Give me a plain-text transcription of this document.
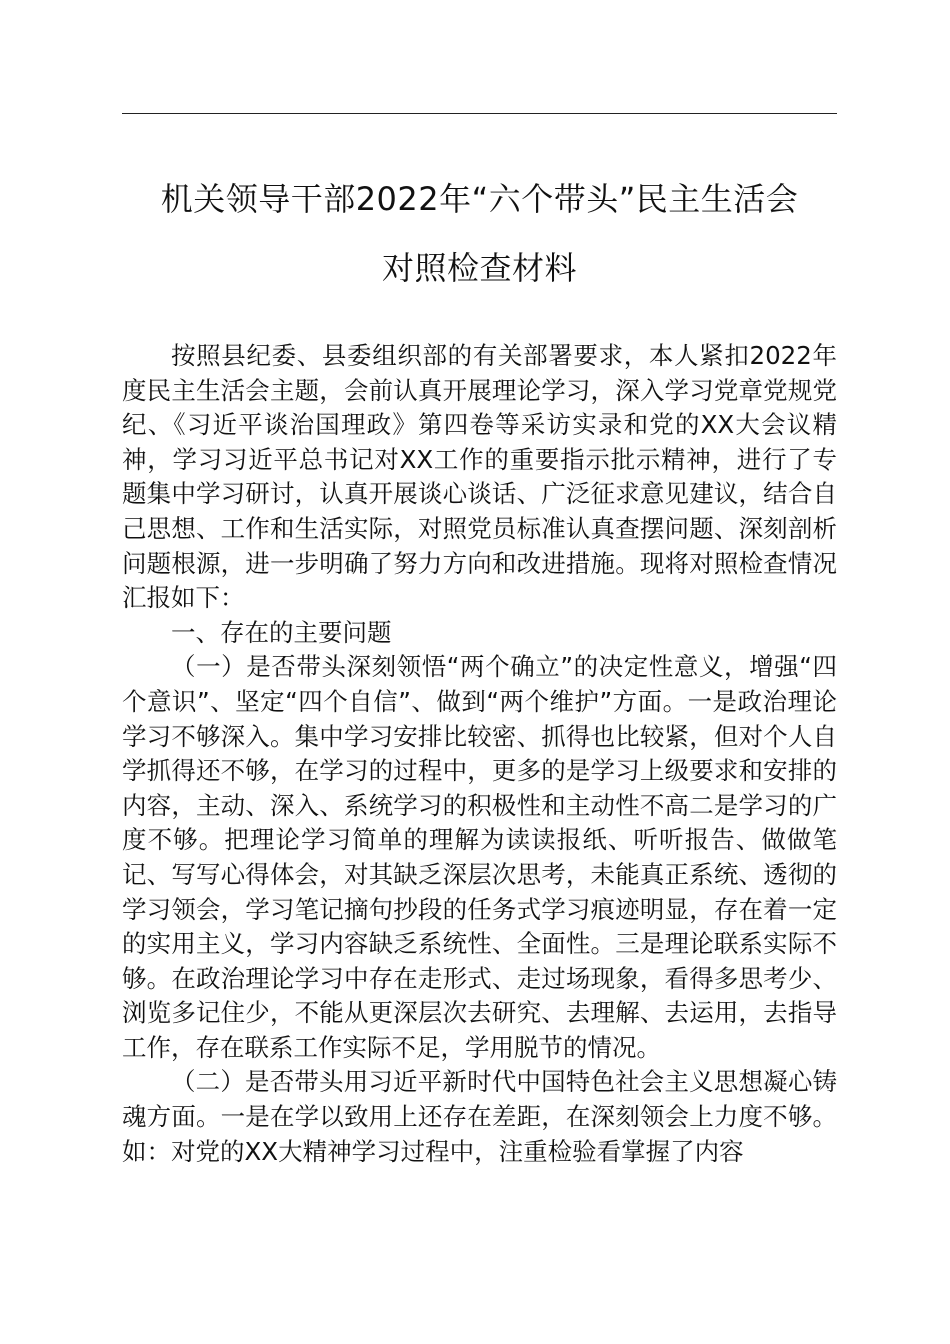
机关领导干部2022年“六个带头”民主生活会
对照检查材料

按照县纪委、县委组织部的有关部署要求，本人紧扣2022年度民主生活会主题，会前认真开展理论学习，深入学习党章党规党纪、《习近平谈治国理政》第四卷等采访实录和党的XX大会议精神，学习习近平总书记对XX工作的重要指示批示精神，进行了专题集中学习研讨，认真开展谈心谈话、广泛征求意见建议，结合自己思想、工作和生活实际，对照党员标准认真查摆问题、深刻剖析问题根源，进一步明确了努力方向和改进措施。现将对照检查情况汇报如下：

一、存在的主要问题

（一）是否带头深刻领悟“两个确立”的决定性意义，增强“四个意识”、坚定“四个自信”、做到“两个维护”方面。一是政治理论学习不够深入。集中学习安排比较密、抓得也比较紧，但对个人自学抓得还不够，在学习的过程中，更多的是学习上级要求和安排的内容，主动、深入、系统学习的积极性和主动性不高二是学习的广度不够。把理论学习简单的理解为读读报纸、听听报告、做做笔记、写写心得体会，对其缺乏深层次思考，未能真正系统、透彻的学习领会，学习笔记摘句抄段的任务式学习痕迹明显，存在着一定的实用主义，学习内容缺乏系统性、全面性。三是理论联系实际不够。在政治理论学习中存在走形式、走过场现象，看得多思考少、浏览多记住少，不能从更深层次去研究、去理解、去运用，去指导工作，存在联系工作实际不足，学用脱节的情况。

（二）是否带头用习近平新时代中国特色社会主义思想凝心铸魂方面。一是在学以致用上还存在差距，在深刻领会上力度不够。如：对党的XX大精神学习过程中，注重检验看掌握了内容
